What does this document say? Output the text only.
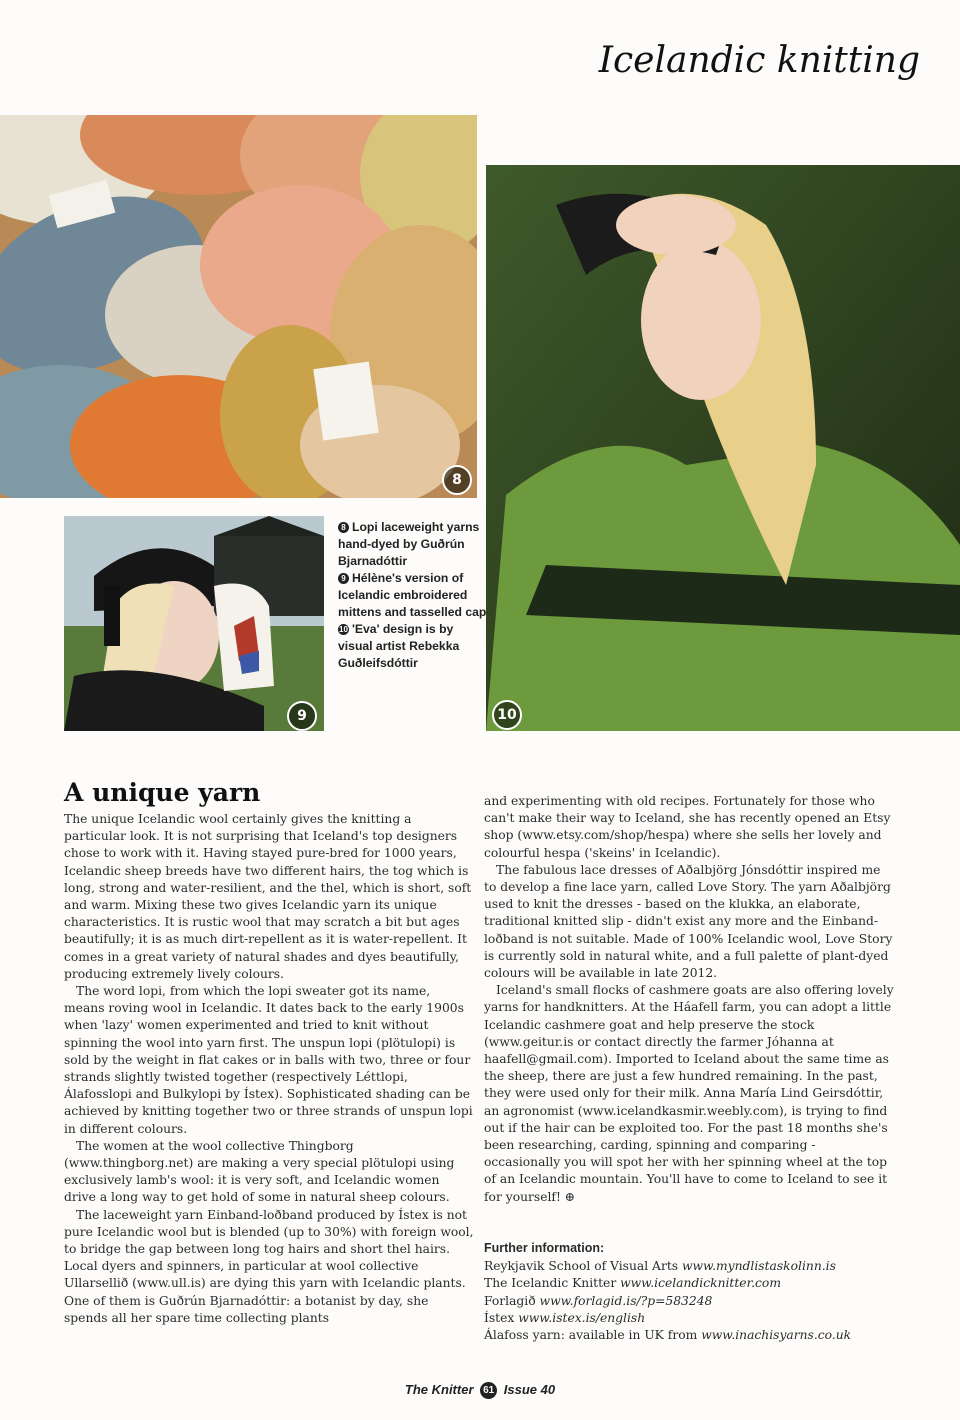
Icelandic knitting
8
10
9

8 Lopi laceweight yarns hand-dyed by Guðrún Bjarnadóttir

9 Hélène's version of Icelandic embroidered mittens and tasselled cap 10 'Eva' design is by visual artist Rebekka Guðleifsdóttir

A unique yarn

The unique Icelandic wool certainly gives the knitting a particular look. It is not surprising that Iceland's top designers chose to work with it. Having stayed pure-bred for 1000 years, Icelandic sheep breeds have two different hairs, the tog which is long, strong and water-resilient, and the thel, which is short, soft and warm. Mixing these two gives Icelandic yarn its unique characteristics. It is rustic wool that may scratch a bit but ages beautifully; it is as much dirt-repellent as it is water-repellent. It comes in a great variety of natural shades and dyes beautifully, producing extremely lively colours.

The word lopi, from which the lopi sweater got its name, means roving wool in Icelandic. It dates back to the early 1900s when 'lazy' women experimented and tried to knit without spinning the wool into yarn first. The unspun lopi (plötulopi) is sold by the weight in flat cakes or in balls with two, three or four strands slightly twisted together (respectively Léttlopi, Álafosslopi and Bulkylopi by Ístex). Sophisticated shading can be achieved by knitting together two or three strands of unspun lopi in different colours.

The women at the wool collective Thingborg (www.thingborg.net) are making a very special plötulopi using exclusively lamb's wool: it is very soft, and Icelandic women drive a long way to get hold of some in natural sheep colours.

The laceweight yarn Einband-loðband produced by Ístex is not pure Icelandic wool but is blended (up to 30%) with foreign wool, to bridge the gap between long tog hairs and short thel hairs. Local dyers and spinners, in particular at wool collective Ullarsellið (www.ull.is) are dying this yarn with Icelandic plants. One of them is Guðrún Bjarnadóttir: a botanist by day, she spends all her spare time collecting plants

and experimenting with old recipes. Fortunately for those who can't make their way to Iceland, she has recently opened an Etsy shop (www.etsy.com/shop/hespa) where she sells her lovely and colourful hespa ('skeins' in Icelandic).

The fabulous lace dresses of Aðalbjörg Jónsdóttir inspired me to develop a fine lace yarn, called Love Story. The yarn Aðalbjörg used to knit the dresses - based on the klukka, an elaborate, traditional knitted slip - didn't exist any more and the Einband-loðband is not suitable. Made of 100% Icelandic wool, Love Story is currently sold in natural white, and a full palette of plant-dyed colours will be available in late 2012.

Iceland's small flocks of cashmere goats are also offering lovely yarns for handknitters. At the Háafell farm, you can adopt a little Icelandic cashmere goat and help preserve the stock (www.geitur.is or contact directly the farmer Jóhanna at haafell@gmail.com). Imported to Iceland about the same time as the sheep, there are just a few hundred remaining. In the past, they were used only for their milk. Anna María Lind Geirsdóttir, an agronomist (www.icelandkasmir.weebly.com), is trying to find out if the hair can be exploited too. For the past 18 months she's been researching, carding, spinning and comparing - occasionally you will spot her with her spinning wheel at the top of an Icelandic mountain. You'll have to come to Iceland to see it for yourself! ⊕

Further information:
Reykjavik School of Visual Arts www.myndlistaskolinn.is
The Icelandic Knitter www.icelandicknitter.com
Forlagið www.forlagid.is/?p=583248
Ístex www.istex.is/english
Álafoss yarn: available in UK from www.inachisyarns.co.uk
The Knitter 61 Issue 40
